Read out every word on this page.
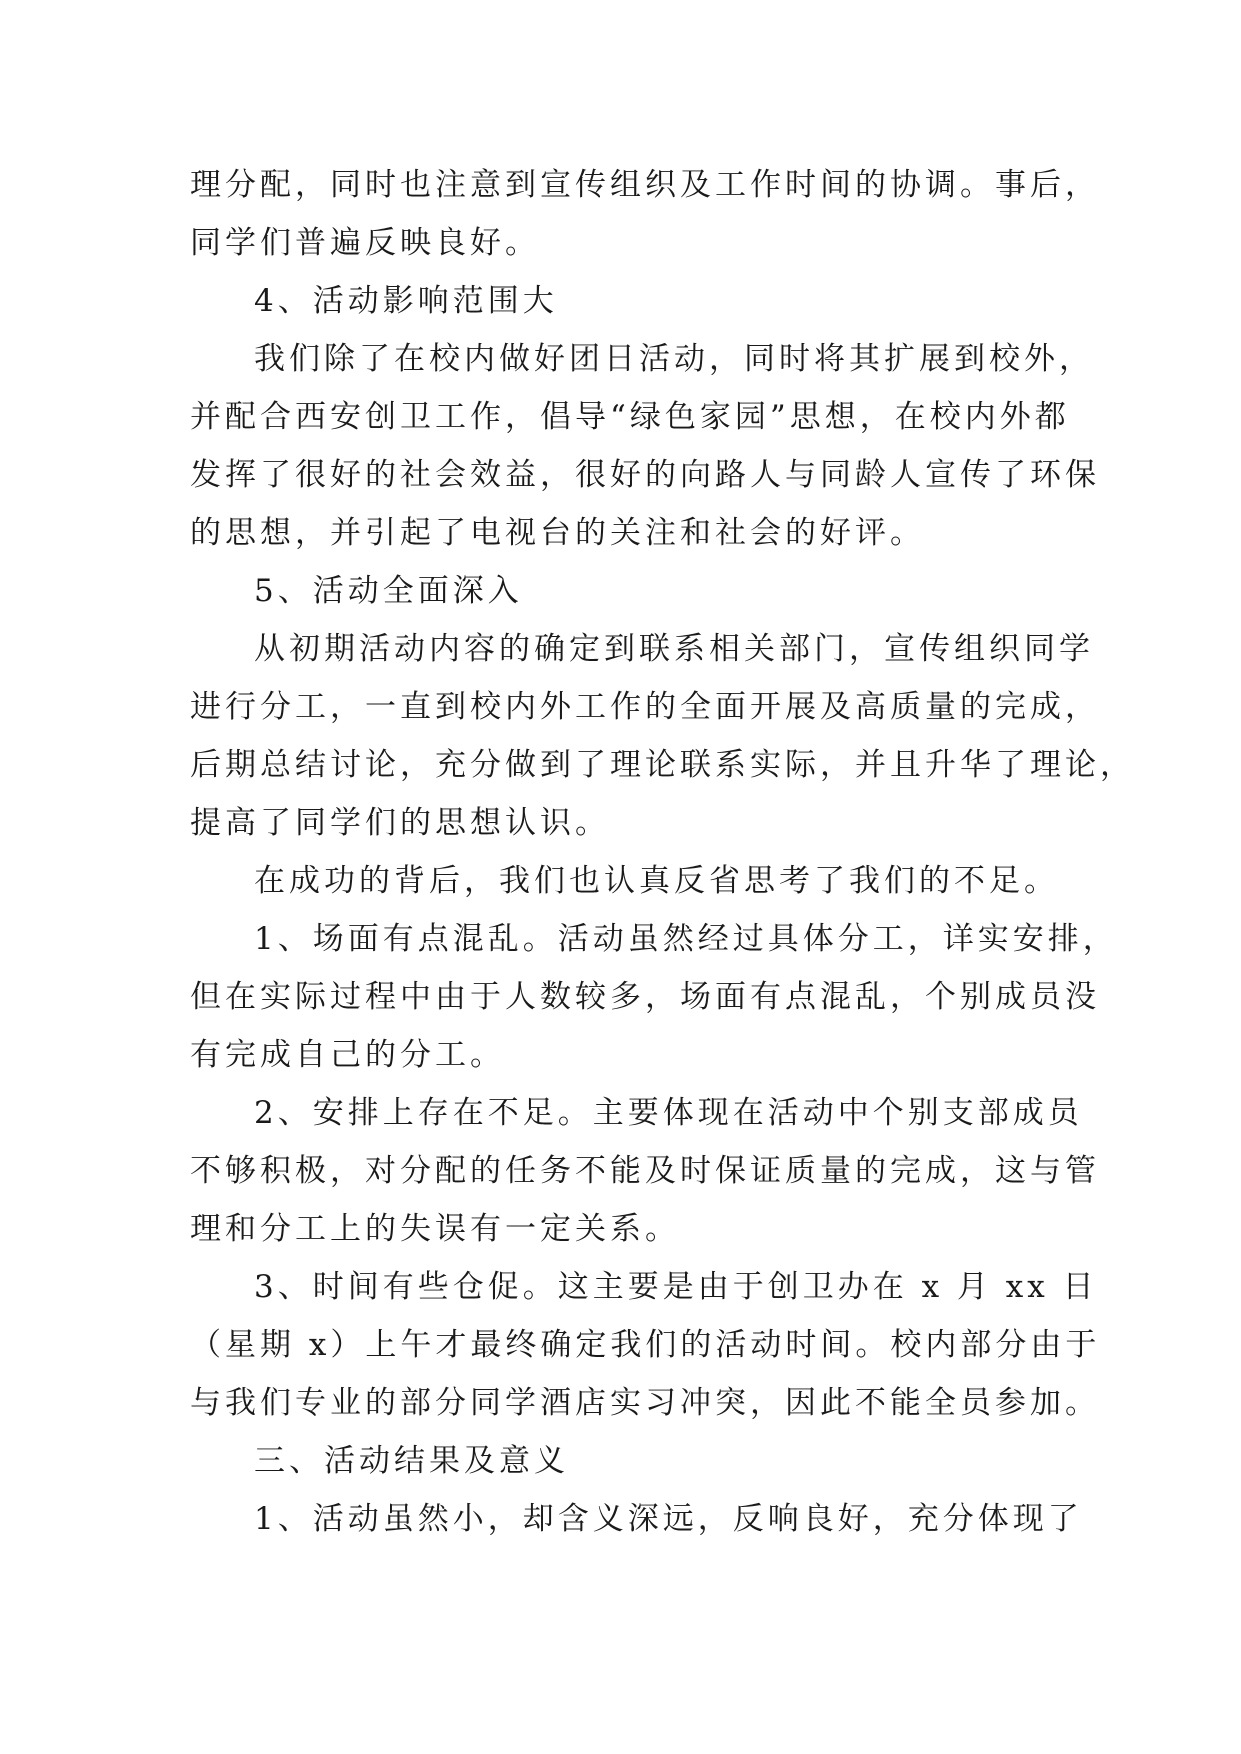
理分配，同时也注意到宣传组织及工作时间的协调。事后，
同学们普遍反映良好。
4、活动影响范围大
我们除了在校内做好团日活动，同时将其扩展到校外，
并配合西安创卫工作，倡导“绿色家园”思想，在校内外都
发挥了很好的社会效益，很好的向路人与同龄人宣传了环保
的思想，并引起了电视台的关注和社会的好评。
5、活动全面深入
从初期活动内容的确定到联系相关部门，宣传组织同学
进行分工，一直到校内外工作的全面开展及高质量的完成，
后期总结讨论，充分做到了理论联系实际，并且升华了理论，
提高了同学们的思想认识。
在成功的背后，我们也认真反省思考了我们的不足。
1、场面有点混乱。活动虽然经过具体分工，详实安排，
但在实际过程中由于人数较多，场面有点混乱，个别成员没
有完成自己的分工。
2、安排上存在不足。主要体现在活动中个别支部成员
不够积极，对分配的任务不能及时保证质量的完成，这与管
理和分工上的失误有一定关系。
3、时间有些仓促。这主要是由于创卫办在 x 月 xx 日
（星期 x）上午才最终确定我们的活动时间。校内部分由于
与我们专业的部分同学酒店实习冲突，因此不能全员参加。
三、活动结果及意义
1、活动虽然小，却含义深远，反响良好，充分体现了
